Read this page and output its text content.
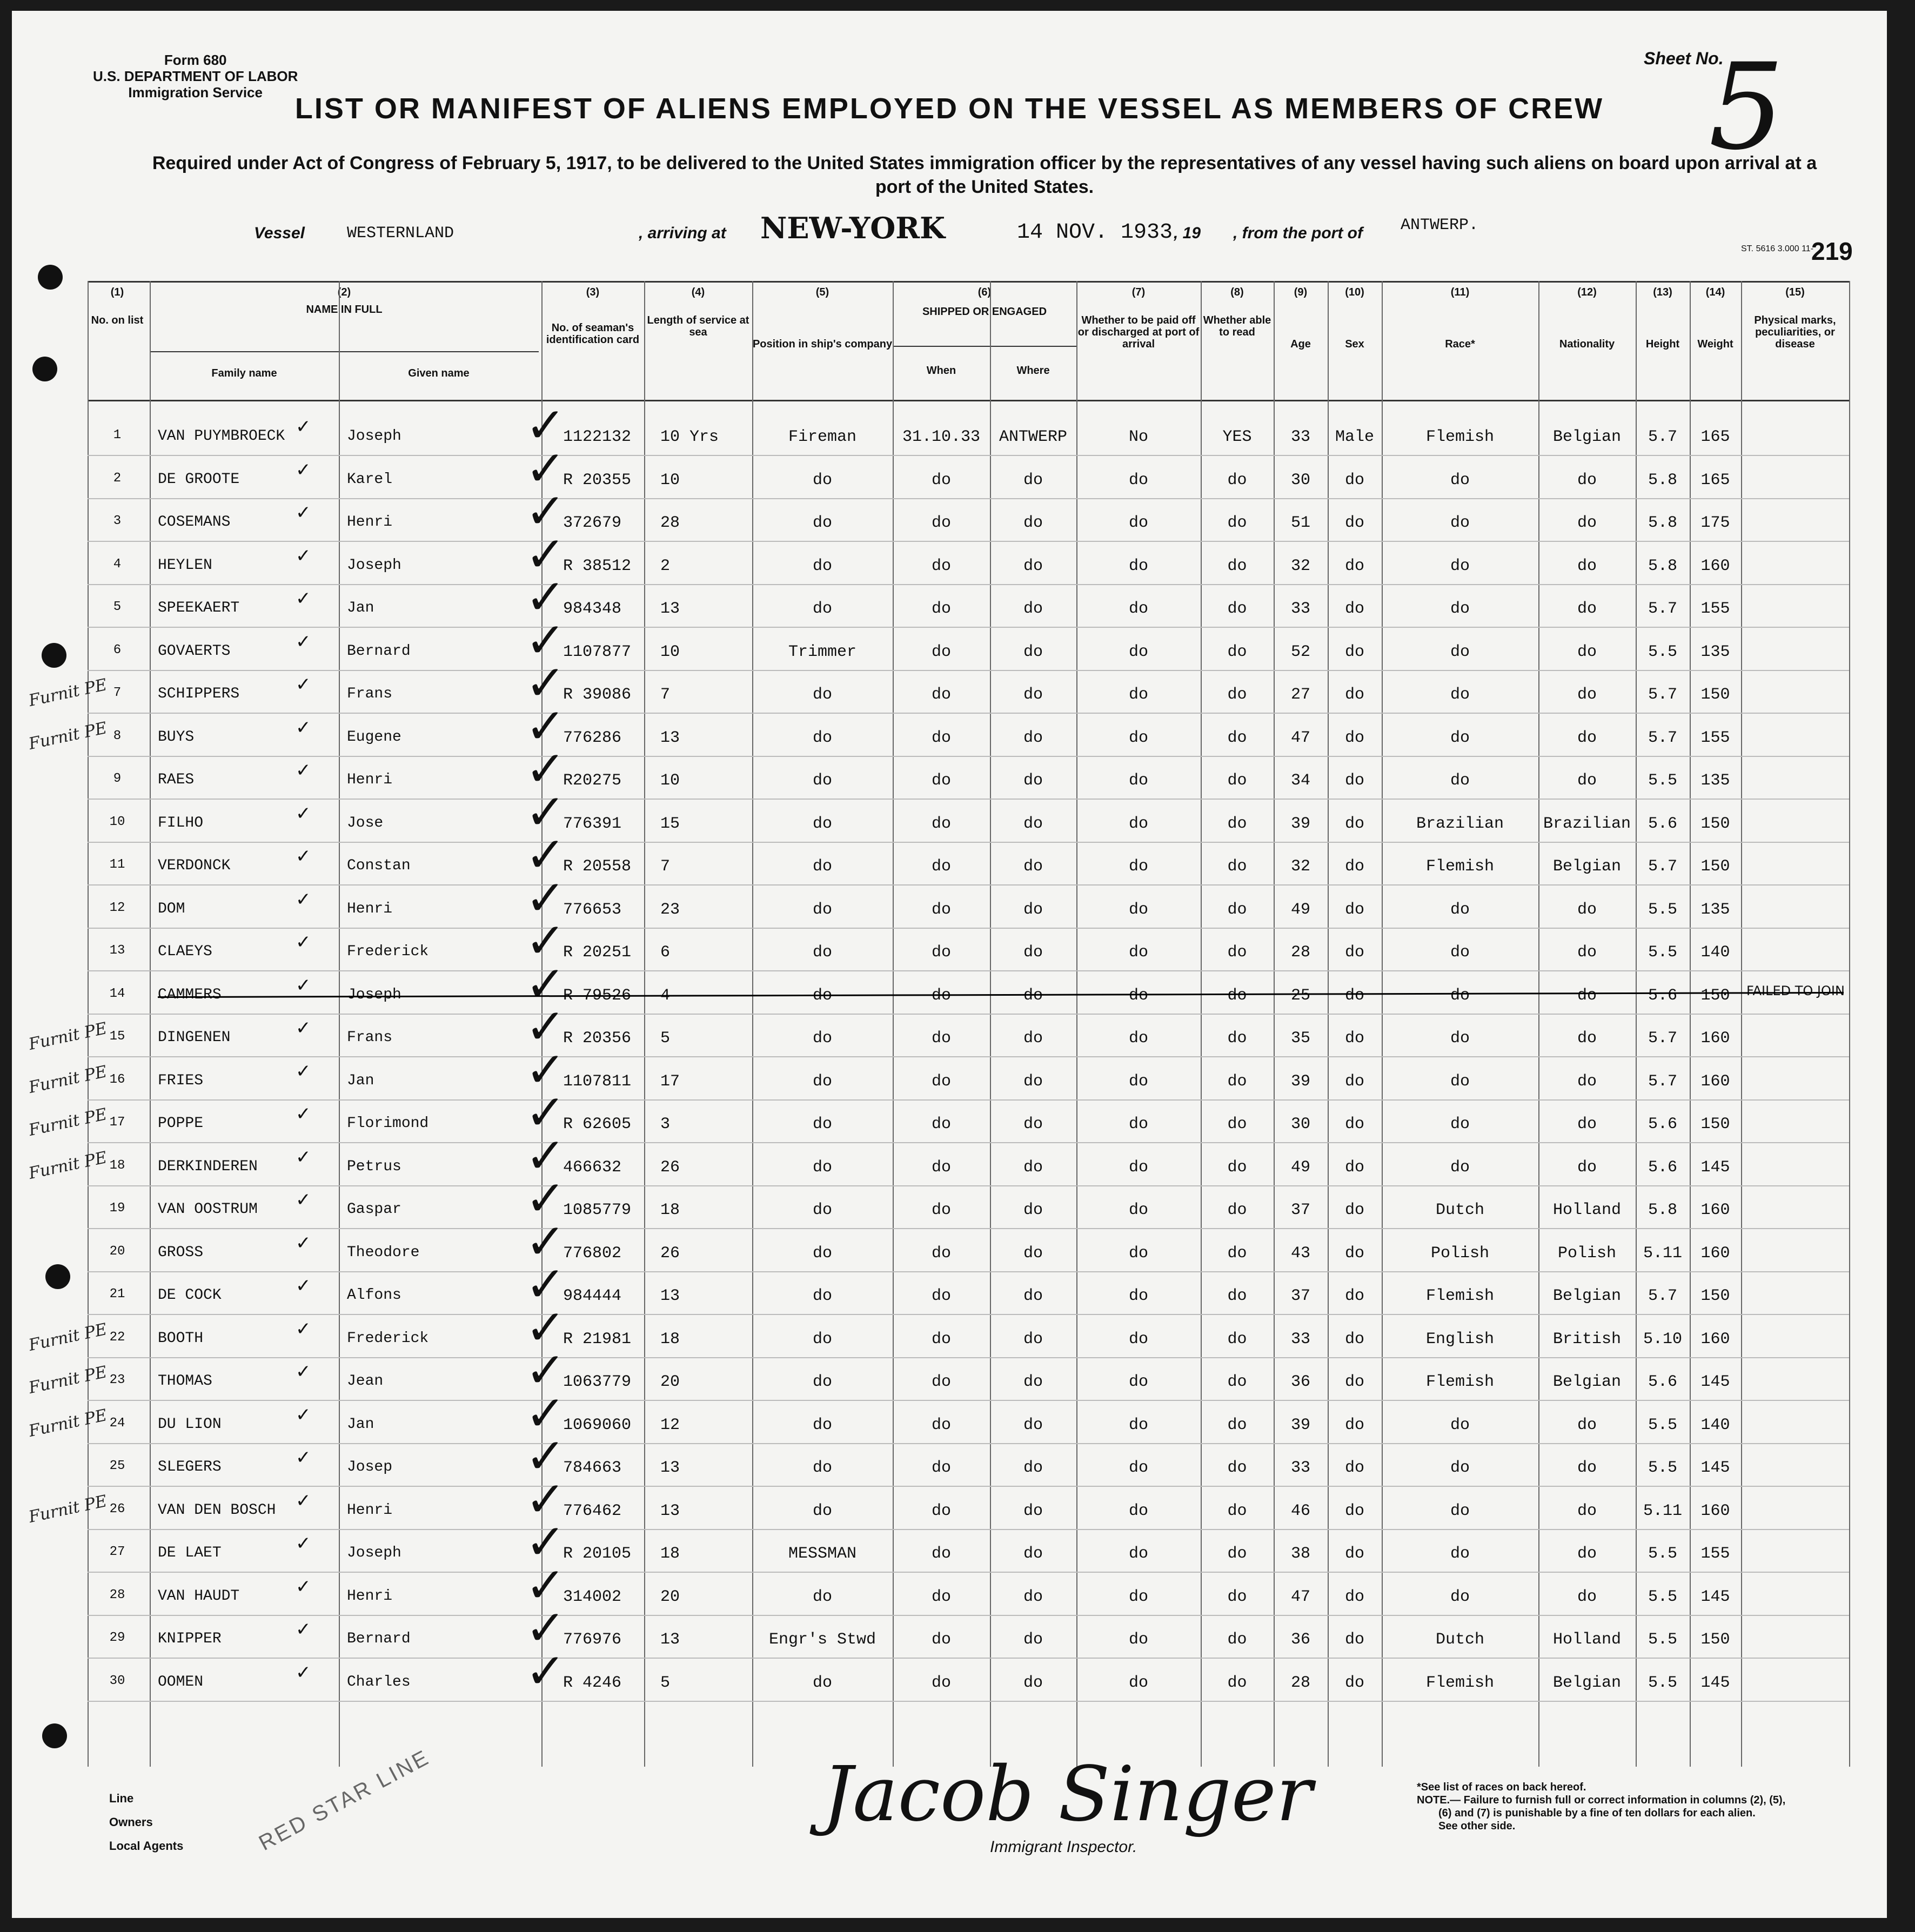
Form 680
U.S. DEPARTMENT OF LABOR
Immigration Service
Sheet No.
5
LIST OR MANIFEST OF ALIENS EMPLOYED ON THE VESSEL AS MEMBERS OF CREW
Required under Act of Congress of February 5, 1917, to be delivered to the United States immigration officer by the representatives of any vessel having such aliens on board upon arrival at a port of the United States.
Vessel	WESTERNLAND	, arriving at NEW-YORK	14 NOV. 1933 , 19 , from the port of ANTWERP.
ST. 5616 3.000 11-
219
(1)
No. on list
(2)
NAME IN FULL
Family name	Given name
(3)
No. of seaman's identification card
(4)
Length of service at sea
(5)
Position in ship's company
(6)
SHIPPED OR ENGAGED
When	Where
(7)
Whether to be paid off or discharged at port of arrival
(8)
Whether able to read
(9)
Age
(10)
Sex
(11)
Race*
(12)
Nationality
(13)
Height
(14)
Weight
(15)
Physical marks, peculiarities, or disease
1	VAN PUYMBROECK	Joseph	1122132	10 Yrs	Fireman	31.10.33	ANTWERP	No	YES	33	Male	Flemish	Belgian	5.7	165
✓
✓
2	DE GROOTE	Karel	R 20355	10	do	do	do	do	do	30	do	do	do	5.8	165
✓
✓
3	COSEMANS	Henri	372679	28	do	do	do	do	do	51	do	do	do	5.8	175
✓
✓
4	HEYLEN	Joseph	R 38512	2	do	do	do	do	do	32	do	do	do	5.8	160
✓
✓
5	SPEEKAERT	Jan	984348	13	do	do	do	do	do	33	do	do	do	5.7	155
✓
✓
6	GOVAERTS	Bernard	1107877	10	Trimmer	do	do	do	do	52	do	do	do	5.5	135
✓
✓
7	SCHIPPERS	Frans	R 39086	7	do	do	do	do	do	27	do	do	do	5.7	150
✓
✓
8	BUYS	Eugene	776286	13	do	do	do	do	do	47	do	do	do	5.7	155
✓
✓
9	RAES	Henri	R20275	10	do	do	do	do	do	34	do	do	do	5.5	135
✓
✓
10	FILHO	Jose	776391	15	do	do	do	do	do	39	do	Brazilian	Brazilian	5.6	150
✓
✓
11	VERDONCK	Constan	R 20558	7	do	do	do	do	do	32	do	Flemish	Belgian	5.7	150
✓
✓
12	DOM	Henri	776653	23	do	do	do	do	do	49	do	do	do	5.5	135
✓
✓
13	CLAEYS	Frederick	R 20251	6	do	do	do	do	do	28	do	do	do	5.5	140
✓
✓
14	CAMMERS	Joseph	R 79526	4	do	do	do	do	do	25	do	do	do	5.6	150
✓
✓	FAILED TO JOIN
15	DINGENEN	Frans	R 20356	5	do	do	do	do	do	35	do	do	do	5.7	160
✓
✓
16	FRIES	Jan	1107811	17	do	do	do	do	do	39	do	do	do	5.7	160
✓
✓
17	POPPE	Florimond	R 62605	3	do	do	do	do	do	30	do	do	do	5.6	150
✓
✓
18	DERKINDEREN	Petrus	466632	26	do	do	do	do	do	49	do	do	do	5.6	145
✓
✓
19	VAN OOSTRUM	Gaspar	1085779	18	do	do	do	do	do	37	do	Dutch	Holland	5.8	160
✓
✓
20	GROSS	Theodore	776802	26	do	do	do	do	do	43	do	Polish	Polish	5.11	160
✓
✓
21	DE COCK	Alfons	984444	13	do	do	do	do	do	37	do	Flemish	Belgian	5.7	150
✓
✓
22	BOOTH	Frederick	R 21981	18	do	do	do	do	do	33	do	English	British	5.10	160
✓
✓
23	THOMAS	Jean	1063779	20	do	do	do	do	do	36	do	Flemish	Belgian	5.6	145
✓
✓
24	DU LION	Jan	1069060	12	do	do	do	do	do	39	do	do	do	5.5	140
✓
✓
25	SLEGERS	Josep	784663	13	do	do	do	do	do	33	do	do	do	5.5	145
✓
✓
26	VAN DEN BOSCH	Henri	776462	13	do	do	do	do	do	46	do	do	do	5.11	160
✓
✓
27	DE LAET	Joseph	R 20105	18	MESSMAN	do	do	do	do	38	do	do	do	5.5	155
✓
✓
28	VAN HAUDT	Henri	314002	20	do	do	do	do	do	47	do	do	do	5.5	145
✓
✓
29	KNIPPER	Bernard	776976	13	Engr's Stwd	do	do	do	do	36	do	Dutch	Holland	5.5	150
✓
✓
30	OOMEN	Charles	R 4246	5	do	do	do	do	do	28	do	Flemish	Belgian	5.5	145
✓
✓
Line
Owners
Local Agents	RED STAR LINE	Jacob Singer
Immigrant Inspector.
*See list of races on back hereof.
NOTE.— Failure to furnish full or correct information in columns (2), (5),
(6) and (7) is punishable by a fine of ten dollars for each alien.
See other side.
Furnit PE
Furnit PE
Furnit PE
Furnit PE
Furnit PE
Furnit PE
Furnit PE
Furnit PE
Furnit PE
Furnit PE
